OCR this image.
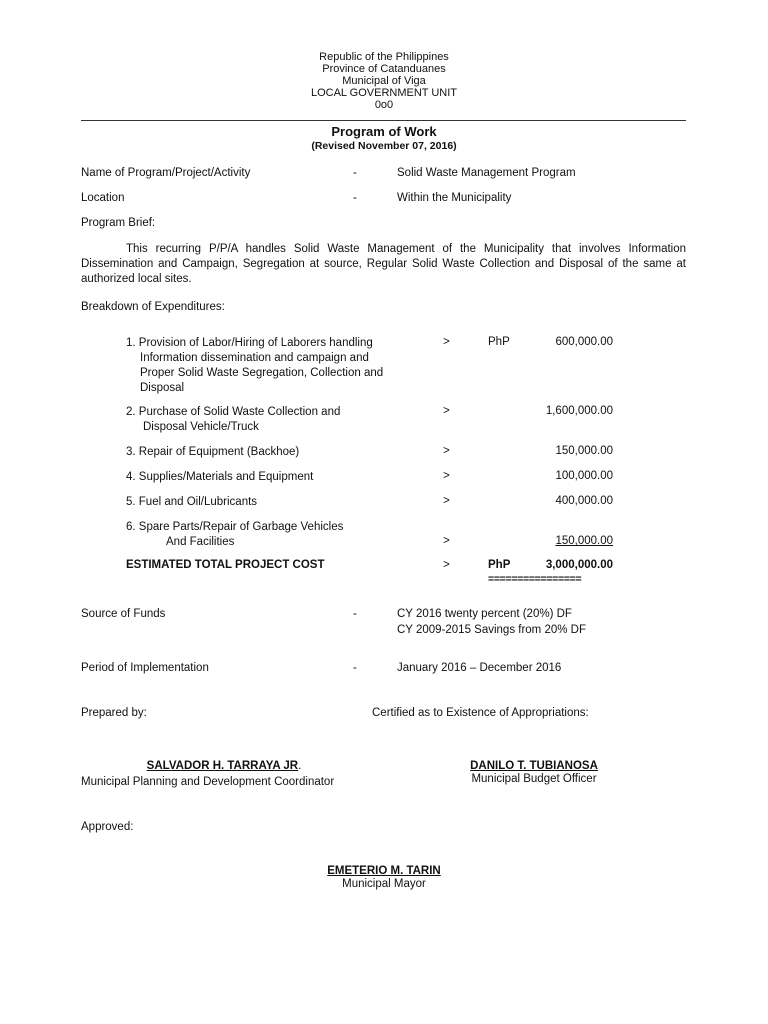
Republic of the Philippines
Province of Catanduanes
Municipal of Viga
LOCAL GOVERNMENT UNIT
0o0
Program of Work
(Revised November 07, 2016)
Name of Program/Project/Activity	-	Solid Waste Management Program
Location	-	Within the Municipality
Program Brief:
This recurring P/P/A handles Solid Waste Management of the Municipality that involves Information Dissemination and Campaign, Segregation at source, Regular Solid Waste Collection and Disposal of the same at authorized local sites.
Breakdown of Expenditures:
1. Provision of Labor/Hiring of Laborers handling
Information dissemination and campaign and
Proper Solid Waste Segregation, Collection and
Disposal
>	PhP	600,000.00
2. Purchase of Solid Waste Collection and
Disposal Vehicle/Truck
>	1,600,000.00
3. Repair of Equipment (Backhoe)	>	150,000.00
4. Supplies/Materials and Equipment	>	100,000.00
5. Fuel and Oil/Lubricants	>	400,000.00
6. Spare Parts/Repair of Garbage Vehicles
And Facilities	>	150,000.00
ESTIMATED TOTAL PROJECT COST	>	PhP	3,000,000.00
================
Source of Funds	-	CY 2016 twenty percent (20%) DF
CY 2009-2015 Savings from 20% DF
Period of Implementation	-	January 2016 – December 2016
Prepared by:	Certified as to Existence of Appropriations:
SALVADOR H. TARRAYA JR.
Municipal Planning and Development Coordinator
DANILO T. TUBIANOSA
Municipal Budget Officer
Approved:
EMETERIO M. TARIN
Municipal Mayor
